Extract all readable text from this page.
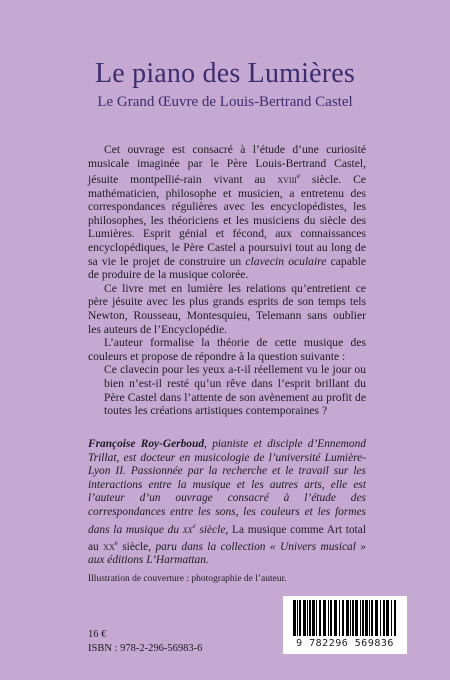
Le piano des Lumières
Le Grand Œuvre de Louis-Bertrand Castel

Cet ouvrage est consacré à l’étude d’une curiosité musicale imaginée par le Père Louis-Bertrand Castel, jésuite montpellié-rain vivant au xviii$^e$ siècle. Ce mathématicien, philosophe et musicien, a entretenu des correspondances régulières avec les encyclopédistes, les philosophes, les théoriciens et les musiciens du siècle des Lumières. Esprit génial et fécond, aux connaissances encyclopédiques, le Père Castel a poursuivi tout au long de sa vie le projet de construire un clavecin oculaire capable de produire de la musique colorée.

Ce livre met en lumière les relations qu’entretient ce père jésuite avec les plus grands esprits de son temps tels Newton, Rousseau, Montesquieu, Telemann sans oublier les auteurs de l’Encyclopédie.

L’auteur formalise la théorie de cette musique des couleurs et propose de répondre à la question suivante :

Ce clavecin pour les yeux a-t-il réellement vu le jour ou bien n’est-il resté qu’un rêve dans l’esprit brillant du Père Castel dans l’attente de son avènement au profit de toutes les créations artistiques contemporaines ?

Françoise Roy-Gerboud, pianiste et disciple d’Ennemond Trillat, est docteur en musicologie de l’université Lumière-Lyon II. Passionnée par la recherche et le travail sur les interactions entre la musique et les autres arts, elle est l’auteur d’un ouvrage consacré à l’étude des correspondances entre les sons, les couleurs et les formes dans la musique du $xx^e$ siècle, La musique comme Art total au $xx^e$ siècle, paru dans la collection « Univers musical » aux éditions L’Harmattan.
Illustration de couverture : photographie de l’auteur.
16 €
ISBN : 978-2-296-56983-6	9 782296 569836
